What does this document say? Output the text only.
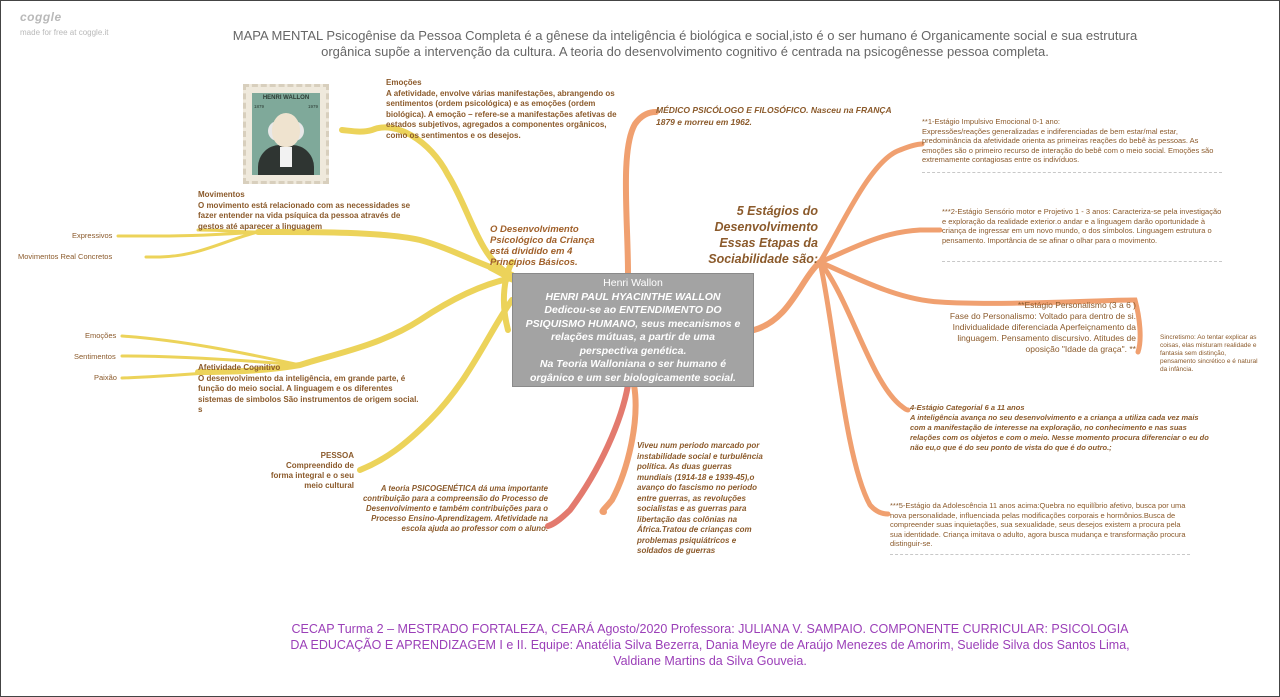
coggle

made for free at coggle.it	MAPA MENTAL Psicogênise da Pessoa Completa é a gênese da inteligência é biológica e social,isto é o ser humano é Organicamente social e sua estrutura
orgânica supõe a intervenção da cultura. A teoria do desenvolvimento cognitivo é centrada na psicogênesse pessoa completa.
HENRI WALLON
1879	1979
Emoções
A afetividade, envolve várias manifestações, abrangendo os sentimentos (ordem psicológica) e as emoções (ordem biológica). A emoção – refere-se a manifestações afetivas de estados subjetivos, agregados a componentes orgânicos, como os sentimentos e os desejos.
Movimentos
O movimento está relacionado com as necessidades se fazer entender na vida psíquica da pessoa através de gestos até aparecer a linguagem
Expressivos
Movimentos Real Concretos
O Desenvolvimento Psicológico da Criança está dividido em 4 Princípios Básicos.
Afetividade Cognitivo
O desenvolvimento da inteligência, em grande parte, é função do meio social. A linguagem e os diferentes sistemas de simbolos São instrumentos de origem social. s
Emoções
Sentimentos
Paixão
PESSOA
Compreendido de
forma integral e o seu
meio cultural
Henri Wallon
HENRI PAUL HYACINTHE WALLON
Dedicou-se ao ENTENDIMENTO DO
PSIQUISMO HUMANO, seus mecanismos e
relações mútuas, a partir de uma
perspectiva genética.
Na Teoria Walloniana o ser humano é
orgânico e um ser biologicamente social.
A teoria PSICOGENÉTICA dá uma importante contribuição para a compreensão do Processo de Desenvolvimento e também contribuições para o Processo Ensino-Aprendizagem. Afetividade na escola ajuda ao professor com o aluno.
Viveu num periodo marcado por instabilidade social e turbulência política. As duas guerras mundiais (1914-18 e 1939-45),o avanço do fascismo no periodo entre guerras, as revoluções socialistas e as guerras para libertação das colônias na África.Tratou de crianças com problemas psiquiátricos e soldados de guerras
MÉDICO PSICÓLOGO E FILOSÓFICO. Nasceu na FRANÇA 1879 e morreu em 1962.
5 Estágios do
Desenvolvimento
Essas Etapas da
Sociabilidade são:
**1-Estágio Impulsivo Emocional 0-1 ano:
Expressões/reações generalizadas e indiferenciadas de bem estar/mal estar, predominância da afetividade orienta as primeiras reações do bebê às pessoas. As emoções são o primeiro recurso de interação do bebê com o meio social. Emoções são extremamente contagiosas entre os indivíduos.
***2-Estágio Sensório motor e Projetivo 1 - 3 anos: Caracteriza-se pela investigação e exploração da realidade exterior.o andar e a linguagem darão oportunidade à criança de ingressar em um novo mundo, o dos símbolos. Linguagem estrutura o pensamento. Importância de se afinar o olhar para o movimento.
**Estágio Personalismo (3 a 6 )
Fase do Personalismo: Voltado para dentro de si.
Individualidade diferenciada Aperfeiçnamento da
linguagem. Pensamento discursivo. Atitudes de
oposição "Idade da graça". **
Sincretismo: Ao tentar explicar as coisas, elas misturam realidade e fantasia sem distinção, pensamento sincrético e é natural da infância.
4-Estágio Categorial 6 a 11 anos
A inteligência avança no seu desenvolvimento e a criança a utiliza cada vez mais com a manifestação de interesse na exploração, no conhecimento e nas suas relações com os objetos e com o meio. Nesse momento procura diferenciar o eu do não eu,o que é do seu ponto de vista do que é do outro.;
***5-Estágio da Adolescência 11 anos acima:Quebra no equilíbrio afetivo, busca por uma nova personalidade, influenciada pelas modificações corporais e hormônios.Busca de compreender suas inquietações, sua sexualidade, seus desejos existem a procura pela sua identidade. Criança imitava o adulto, agora busca mudança e transformação procura distinguir-se.
CECAP Turma 2 – MESTRADO FORTALEZA, CEARÁ Agosto/2020 Professora: JULIANA V. SAMPAIO. COMPONENTE CURRICULAR: PSICOLOGIA
DA EDUCAÇÃO E APRENDIZAGEM I e II. Equipe: Anatélia Silva Bezerra, Dania Meyre de Araújo Menezes de Amorim, Suelide Silva dos Santos Lima,
Valdiane Martins da Silva Gouveia.
